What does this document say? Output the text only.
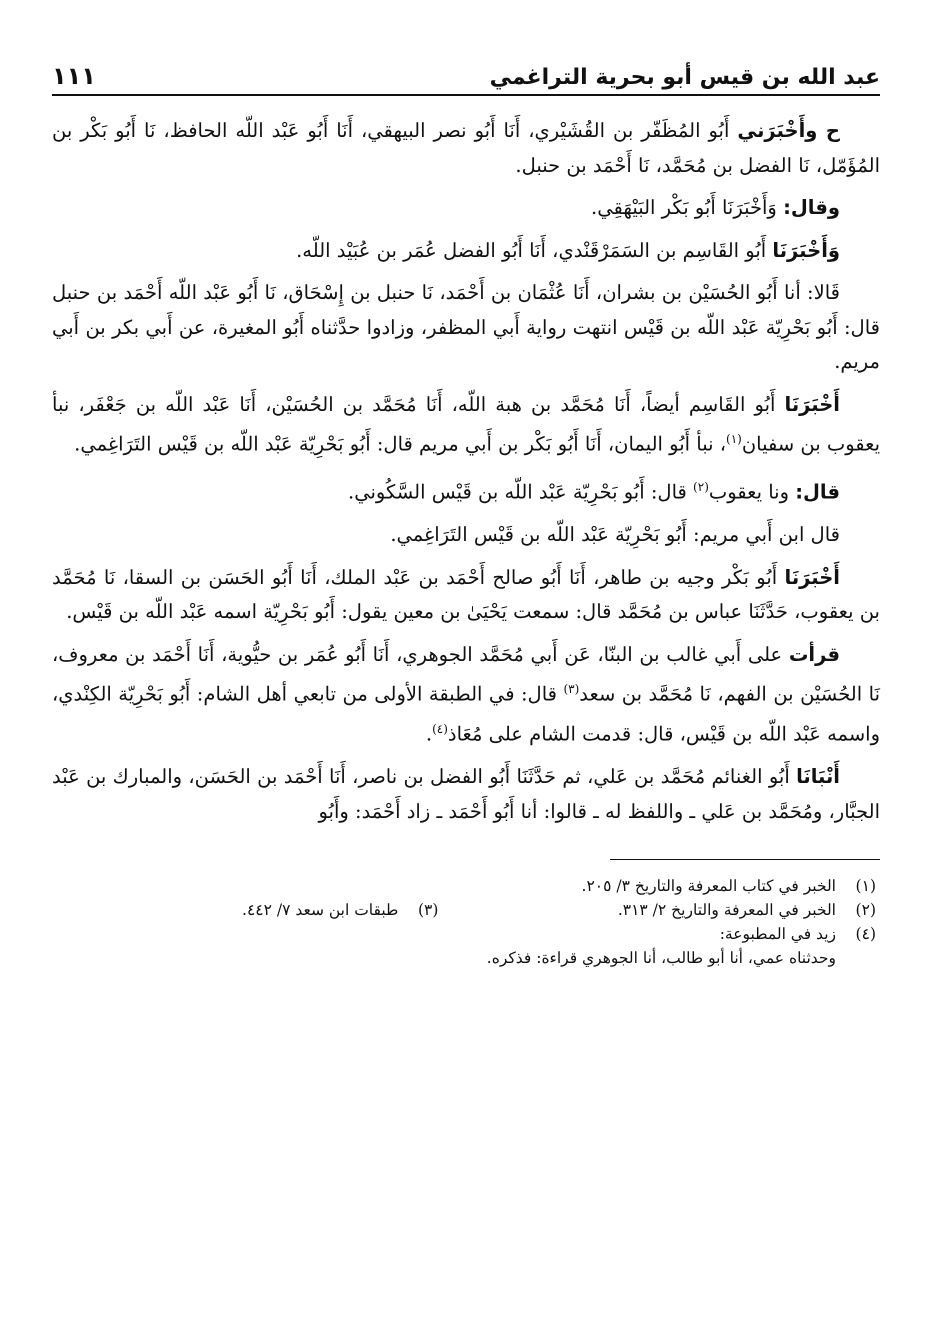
عبد الله بن قيس أبو بحرية التراغمي
١١١

ح وأَخْبَرَني أَبُو المُظَفّر بن القُشَيْري، أَنَا أَبُو نصر البيهقي، أَنَا أَبُو عَبْد اللّه الحافظ، نَا أَبُو بَكْر بن المُؤَمّل، نَا الفضل بن مُحَمَّد، نَا أَحْمَد بن حنبل.

وقال: وَأَخْبَرَنَا أَبُو بَكْر البَيْهَقِي.

وَأَخْبَرَنَا أَبُو القَاسِم بن السَمَرْقَنْدي، أَنَا أَبُو الفضل عُمَر بن عُبَيْد اللّه.

قَالا: أنا أَبُو الحُسَيْن بن بشران، أَنَا عُثْمَان بن أَحْمَد، نَا حنبل بن إِسْحَاق، نَا أَبُو عَبْد اللّه أَحْمَد بن حنبل قال: أَبُو بَحْرِيّة عَبْد اللّه بن قَيْس انتهت رواية أَبي المظفر، وزادوا حدَّثناه أَبُو المغيرة، عن أَبي بكر بن أَبي مريم.

أَخْبَرَنَا أَبُو القَاسِم أيضاً، أَنَا مُحَمَّد بن هبة اللّه، أَنَا مُحَمَّد بن الحُسَيْن، أَنَا عَبْد اللّه بن جَعْفَر، نبأ يعقوب بن سفيان$^{(١)}$، نبأ أَبُو اليمان، أَنَا أَبُو بَكْر بن أَبي مريم قال: أَبُو بَحْرِيّة عَبْد اللّه بن قَيْس التَرَاغِمي.

قال: ونا يعقوب$^{(٢)}$ قال: أَبُو بَحْرِيّة عَبْد اللّه بن قَيْس السَّكُوني.

قال ابن أَبي مريم: أَبُو بَحْرِيّة عَبْد اللّه بن قَيْس التَرَاغِمي.

أَخْبَرَنَا أَبُو بَكْر وجيه بن طاهر، أَنَا أَبُو صالح أَحْمَد بن عَبْد الملك، أَنَا أَبُو الحَسَن بن السقا، نَا مُحَمَّد بن يعقوب، حَدَّثَنَا عباس بن مُحَمَّد قال: سمعت يَحْيَىٰ بن معين يقول: أَبُو بَحْرِيّة اسمه عَبْد اللّه بن قَيْس.

قرأت على أَبي غالب بن البنّا، عَن أَبي مُحَمَّد الجوهري، أَنَا أَبُو عُمَر بن حيُّوية، أَنَا أَحْمَد بن معروف، نَا الحُسَيْن بن الفهم، نَا مُحَمَّد بن سعد$^{(٣)}$ قال: في الطبقة الأولى من تابعي أهل الشام: أَبُو بَحْرِيّة الكِنْدي، واسمه عَبْد اللّه بن قَيْس، قال: قدمت الشام على مُعَاذ$^{(٤)}$.

أَنْبَانَا أَبُو الغنائم مُحَمَّد بن عَلي، ثم حَدَّثَنَا أَبُو الفضل بن ناصر، أَنَا أَحْمَد بن الحَسَن، والمبارك بن عَبْد الجبَّار، ومُحَمَّد بن عَلي ـ واللفظ له ـ قالوا: أنا أَبُو أَحْمَد ـ زاد أَحْمَد: وأَبُو

(١)
الخبر في كتاب المعرفة والتاريخ ٣/ ٢٠٥.
(٢)
الخبر في المعرفة والتاريخ ٢/ ٣١٣.
(٣)
طبقات ابن سعد ٧/ ٤٤٢.
(٤)
زيد في المطبوعة:
وحدثناه عمي، أنا أبو طالب، أنا الجوهري قراءة: فذكره.
